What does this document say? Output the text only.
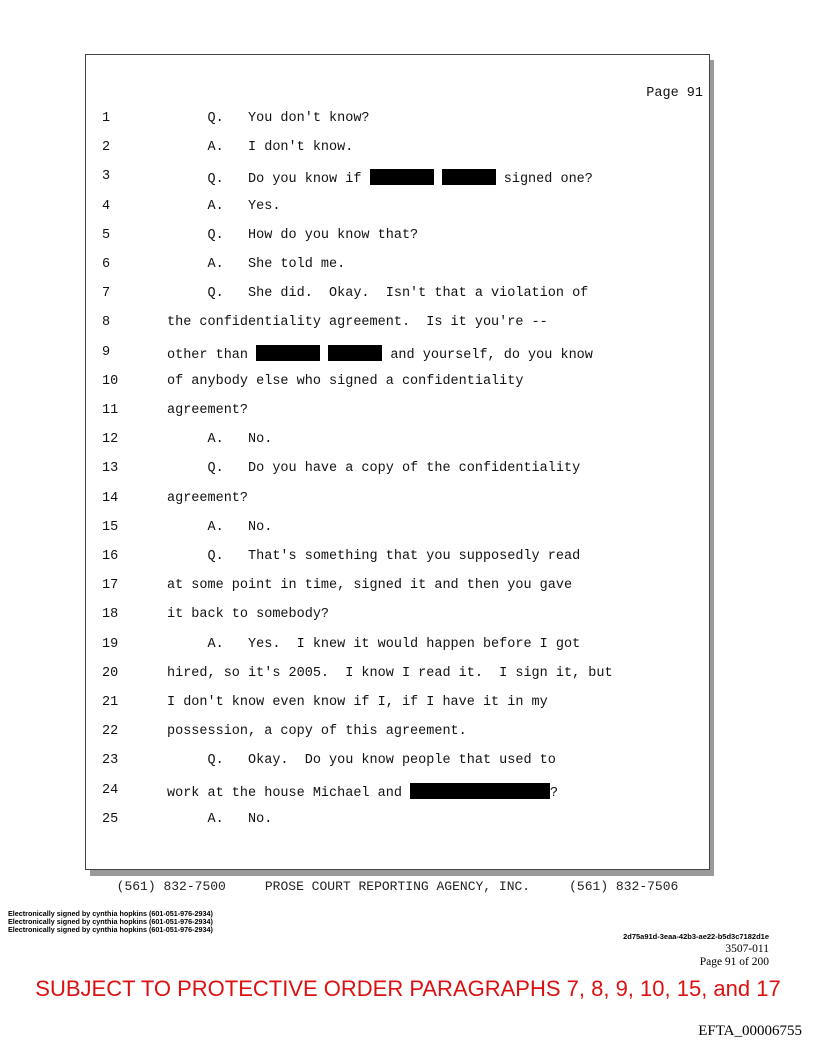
Page 91
1	Q.   You don't know?
2	A.   I don't know.
3	Q.   Do you know if	signed one?
4	A.   Yes.
5	Q.   How do you know that?
6	A.   She told me.
7	Q.   She did.  Okay.  Isn't that a violation of
8	the confidentiality agreement.  Is it you're --
9	other than	and yourself, do you know
10	of anybody else who signed a confidentiality
11	agreement?
12	A.   No.
13	Q.   Do you have a copy of the confidentiality
14	agreement?
15	A.   No.
16	Q.   That's something that you supposedly read
17	at some point in time, signed it and then you gave
18	it back to somebody?
19	A.   Yes.  I knew it would happen before I got
20	hired, so it's 2005.  I know I read it.  I sign it, but
21	I don't know even know if I, if I have it in my
22	possession, a copy of this agreement.
23	Q.   Okay.  Do you know people that used to
24	work at the house Michael and	?
25	A.   No.
(561) 832-7500     PROSE COURT REPORTING AGENCY, INC.     (561) 832-7506
Electronically signed by cynthia hopkins (601-051-976-2934)
Electronically signed by cynthia hopkins (601-051-976-2934)
Electronically signed by cynthia hopkins (601-051-976-2934)
2d75a91d-3eaa-42b3-ae22-b5d3c7182d1e
3507-011
Page 91 of 200
SUBJECT TO PROTECTIVE ORDER PARAGRAPHS 7, 8, 9, 10, 15, and 17
EFTA_00006755
